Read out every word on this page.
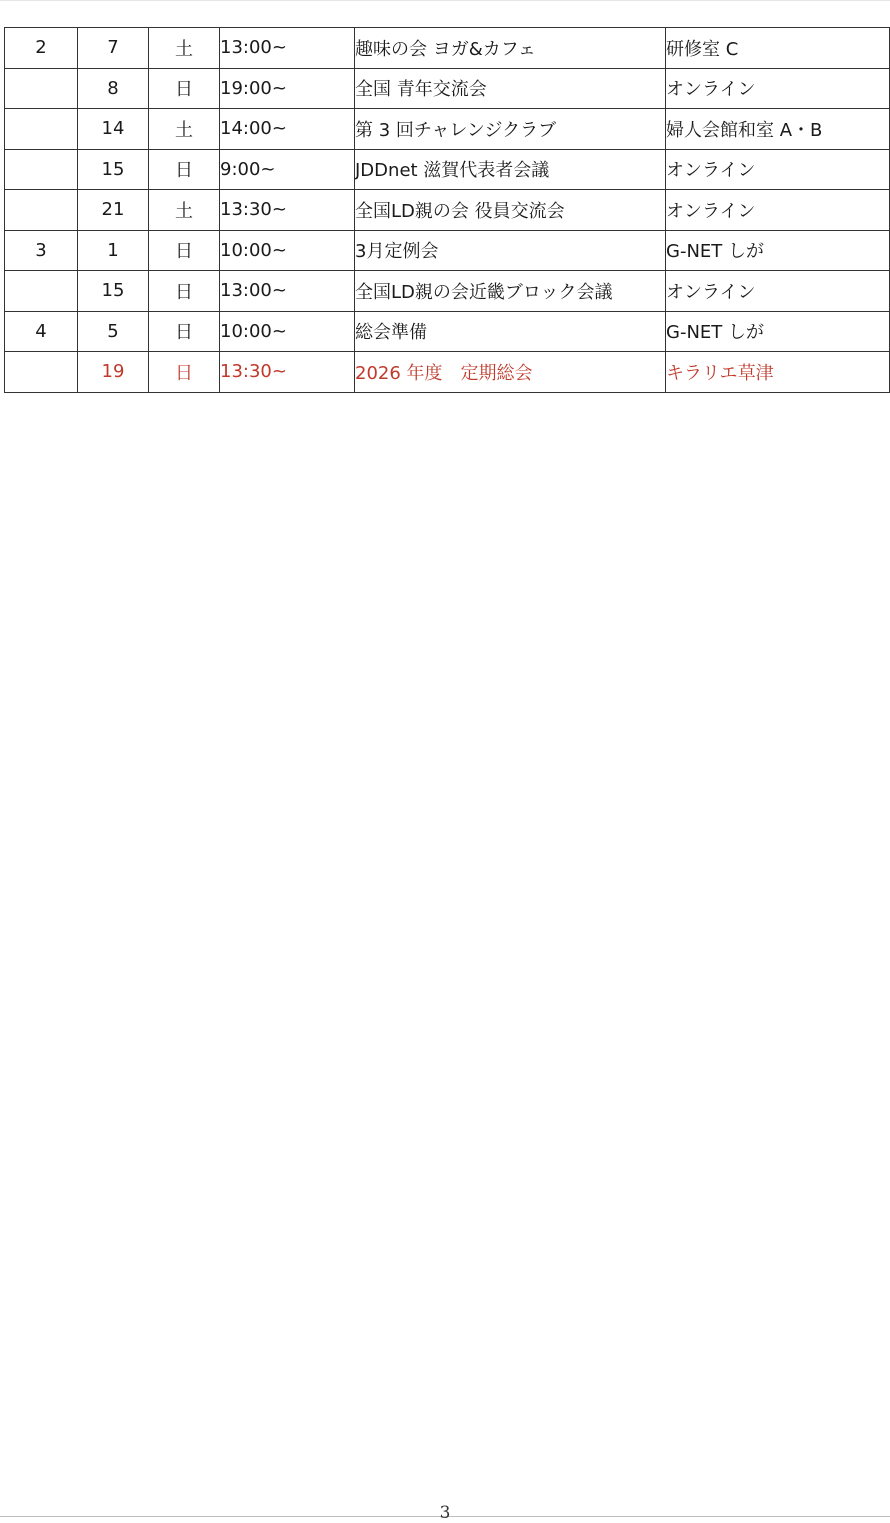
2	7	土	13:00~	趣味の会 ヨガ&カフェ	研修室 C
	8	日	19:00~	全国 青年交流会	オンライン
	14	土	14:00~	第 3 回チャレンジクラブ	婦人会館和室 A・B
	15	日	9:00~	JDDnet 滋賀代表者会議	オンライン
	21	土	13:30~	全国LD親の会 役員交流会	オンライン
3	1	日	10:00~	3月定例会	G-NET しが
	15	日	13:00~	全国LD親の会近畿ブロック会議	オンライン
4	5	日	10:00~	総会準備	G-NET しが
	19	日	13:30~	2026 年度　定期総会	キラリエ草津
3
